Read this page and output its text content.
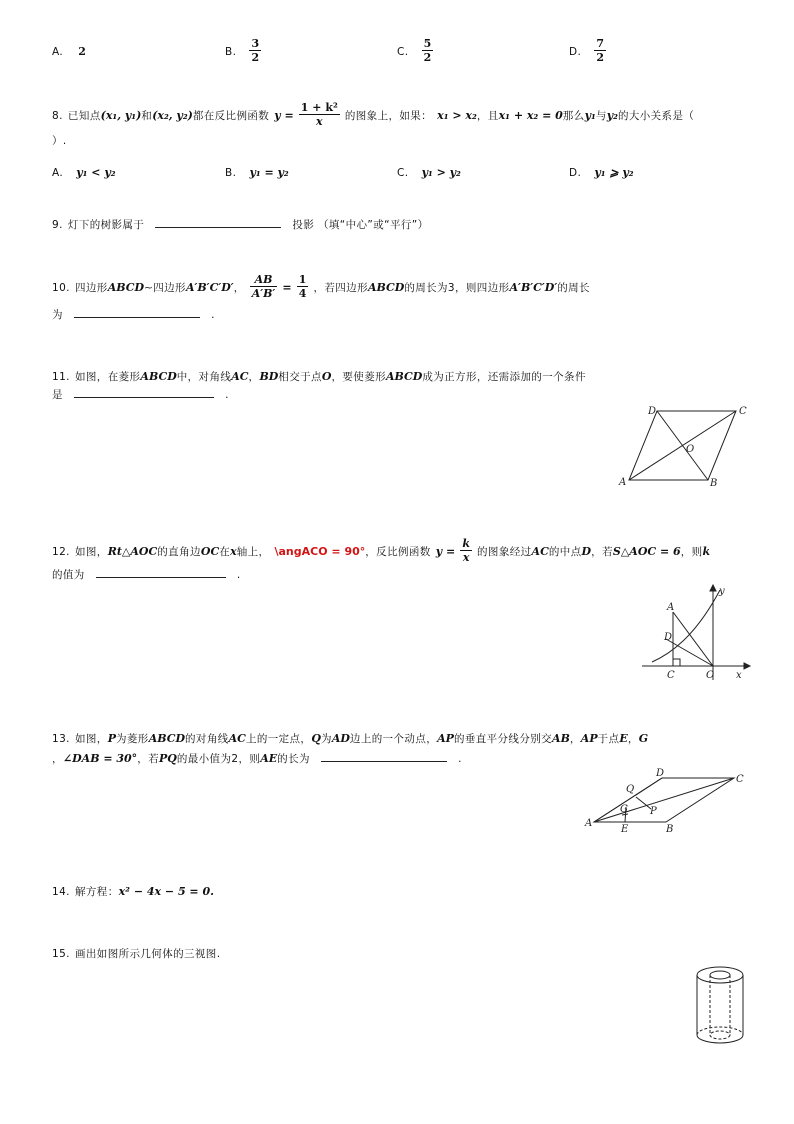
A. 2	B. $\frac{3}{2}$	C. $\frac{5}{2}$	D. $\frac{7}{2}$
8. 已知点(x₁, y₁)和(x₂, y₂)都在反比例函数 $y = \frac{\text{1 + k²}}{x}$ 的图象上，如果： x₁ > x₂，且x₁ + x₂ = 0那么y₁与y₂的大小关系是（
）.
A. y₁ < y₂	B. y₁ = y₂	C. y₁ > y₂	D. y₁ ⩾ y₂
9. 灯下的树影属于	投影 （填“中心”或“平行”）
10. 四边形ABCD∼四边形A′B′C′D′， $\frac{AB}{A'B'} = \frac{1}{4}$ ，若四边形ABCD的周长为3，则四边形A′B′C′D′的周长
为	.
11. 如图，在菱形ABCD中，对角线AC，BD相交于点O，要使菱形ABCD成为正方形，还需添加的一个条件
是	.
D	C
O
A	B
12. 如图，Rt△AOC的直角边OC在x轴上， \angACO = 90°，反比例函数 $y = \frac{k}{x}$ 的图象经过AC的中点D，若S△AOC = 6，则k
的值为	.
A
D
C	O x
y
13. 如图，P为菱形ABCD的对角线AC上的一定点，Q为AD边上的一个动点，AP的垂直平分线分别交AB，AP于点E，G
，∠DAB = 30°，若PQ的最小值为2，则AE的长为	.
D
C
Q
G P
A
E	B
14. 解方程：x² − 4x − 5 = 0.
15. 画出如图所示几何体的三视图.
